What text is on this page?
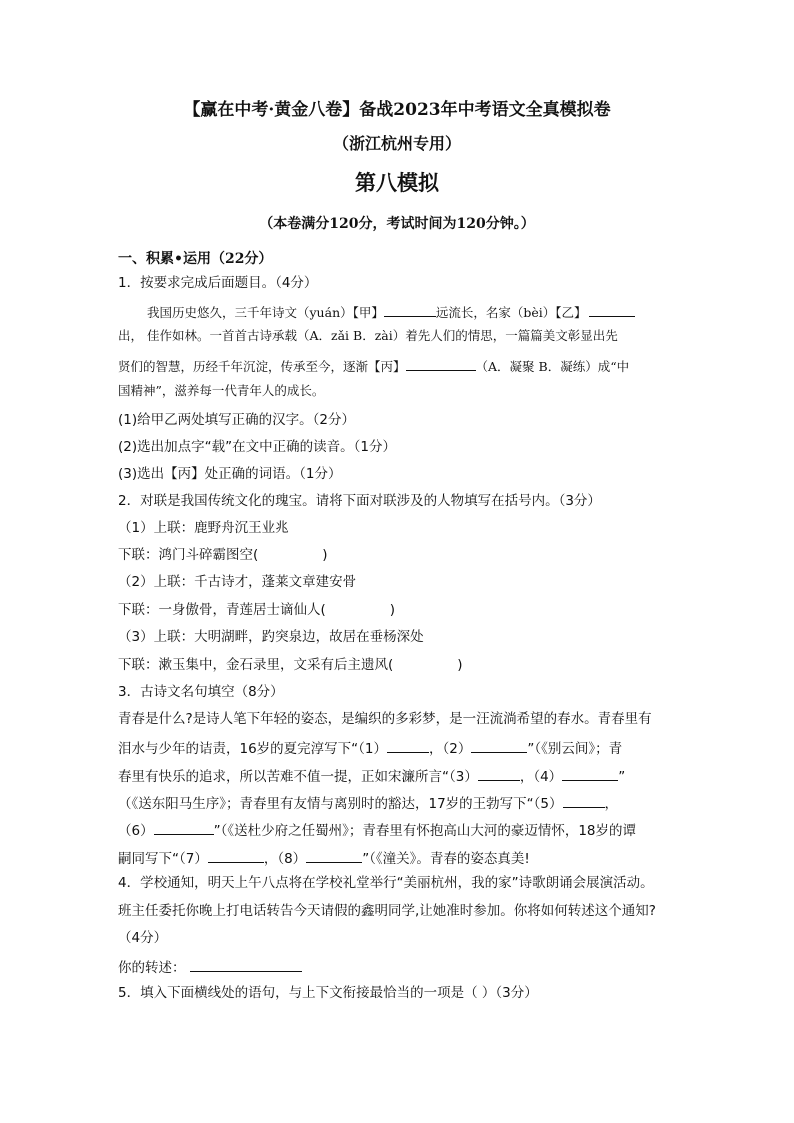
【赢在中考·黄金八卷】备战2023年中考语文全真模拟卷
（浙江杭州专用）
第八模拟
（本卷满分120分，考试时间为120分钟。）
一、积累•运用（22分）
1．按要求完成后面题目。（4分）
我国历史悠久，三千年诗文（yuán）【甲】	远流长，名家（bèi）【乙】
出， 佳作如林。一首首古诗承载（A．zǎi B．zài）着先人们的情思，一篇篇美文彰显出先
贤们的智慧，历经千年沉淀，传承至今，逐渐【丙】	（A．凝聚 B．凝练）成“中
国精神”，滋养每一代青年人的成长。
(1)给甲乙两处填写正确的汉字。（2分）
(2)选出加点字“载”在文中正确的读音。（1分）
(3)选出【丙】处正确的词语。（1分）
2．对联是我国传统文化的瑰宝。请将下面对联涉及的人物填写在括号内。（3分）
（1）上联：鹿野舟沉王业兆
下联：鸿门斗碎霸图空(	)
（2）上联：千古诗才，蓬莱文章建安骨
下联：一身傲骨，青莲居士谪仙人(	)
（3）上联：大明湖畔，趵突泉边，故居在垂杨深处
下联：漱玉集中，金石录里，文采有后主遗风(	)
3．古诗文名句填空（8分）
青春是什么?是诗人笔下年轻的姿态，是编织的多彩梦，是一汪流淌希望的春水。青春里有
泪水与少年的诘责，16岁的夏完淳写下“（1）	，（2）	”（《别云间》；青
春里有快乐的追求，所以苦难不值一提，正如宋濂所言“（3）	，（4）	”
（《送东阳马生序》；青春里有友情与离别时的豁达，17岁的王勃写下“（5）	，
（6）	”（《送杜少府之任蜀州》；青春里有怀抱高山大河的豪迈情怀，18岁的谭
嗣同写下“（7）	，（8）	”（《潼关》。青春的姿态真美!
4．学校通知，明天上午八点将在学校礼堂举行“美丽杭州，我的家”诗歌朗诵会展演活动。
班主任委托你晚上打电话转告今天请假的鑫明同学,让她准时参加。你将如何转述这个通知?
（4分）
你的转述：
5．填入下面横线处的语句，与上下文衔接最恰当的一项是（ ）（3分）
